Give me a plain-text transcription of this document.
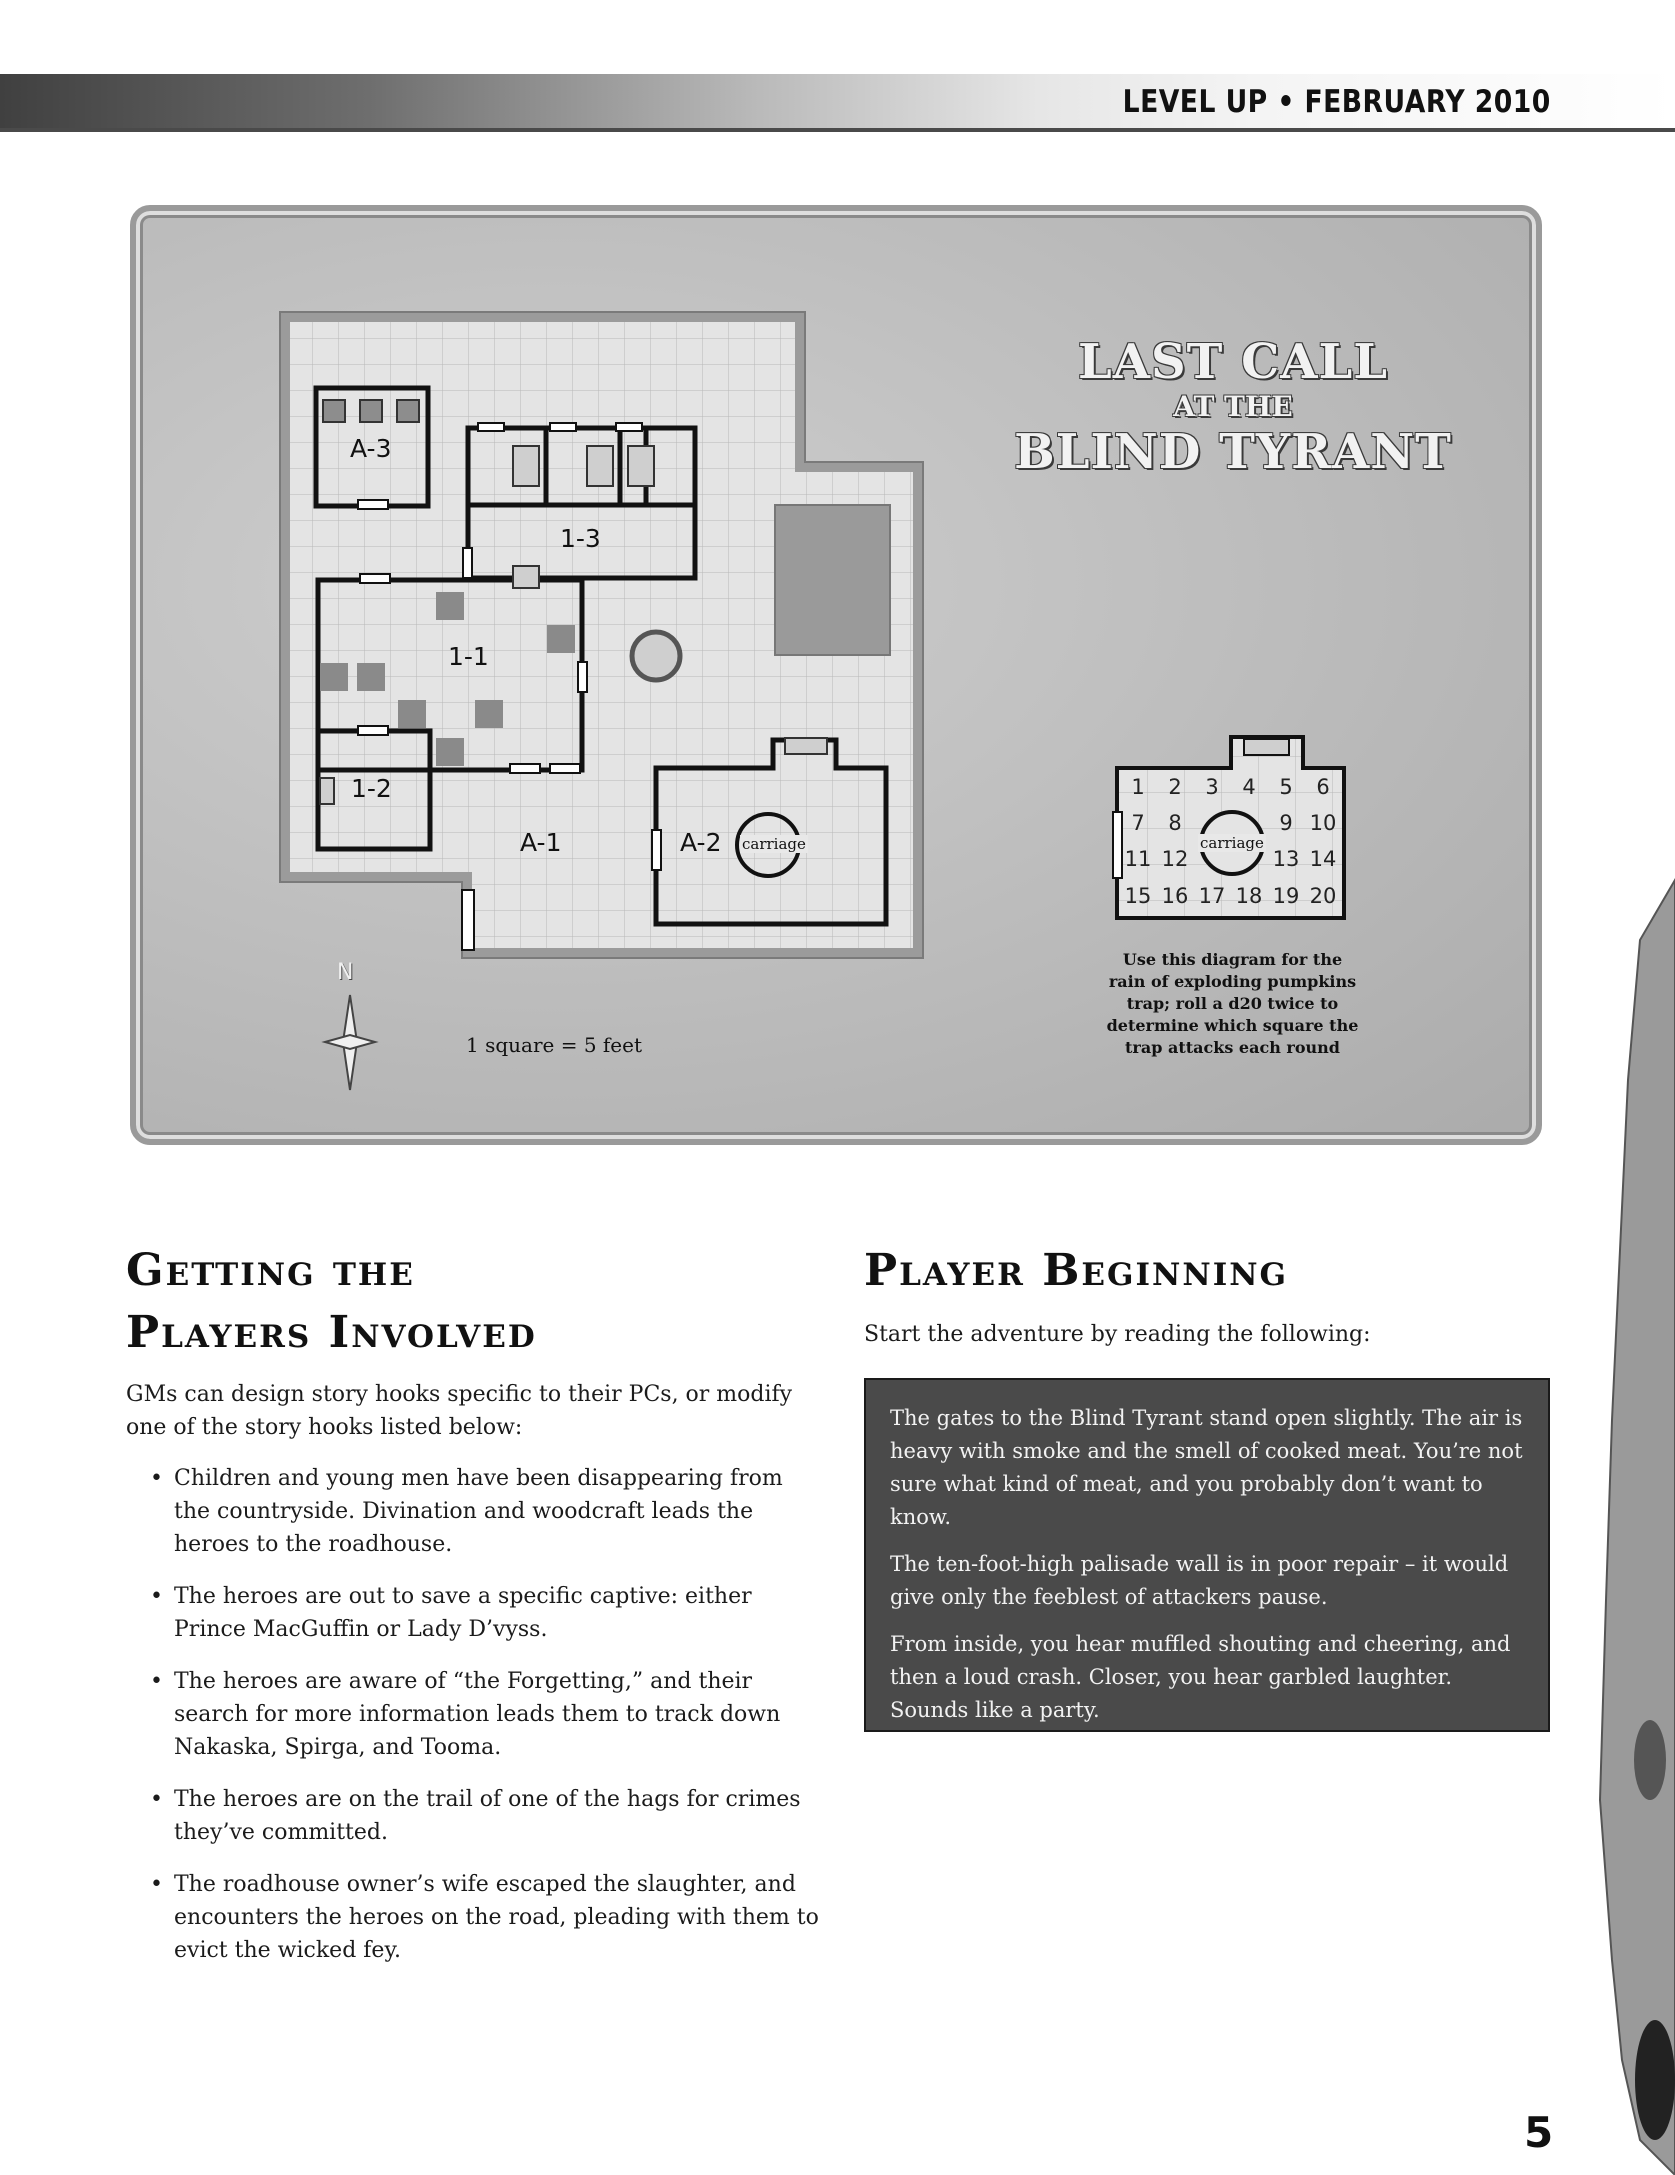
LEVEL UP • FEBRUARY 2010
LAST CALL
AT THE
BLIND TYRANT
A-3
1-3
1-1
1-2
A-1	A-2 carriage	carriage
N
1 square = 5 feet
Use this diagram for the rain of exploding pumpkins trap; roll a d20 twice to determine which square the trap attacks each round
1	2	3	4	5	6
7	8	9 10
11 12	13 14
15 16 17 18 19 20
Getting the
Players Involved
GMs can design story hooks specific to their PCs, or modify one of the story hooks listed below:
• Children and young men have been disappearing from the countryside. Divination and woodcraft leads the heroes to the roadhouse.
• The heroes are out to save a specific captive: either Prince MacGuffin or Lady D’vyss.
• The heroes are aware of “the Forgetting,” and their search for more information leads them to track down Nakaska, Spirga, and Tooma.
• The heroes are on the trail of one of the hags for crimes they’ve committed.
• The roadhouse owner’s wife escaped the slaughter, and encounters the heroes on the road, pleading with them to evict the wicked fey.
Player Beginning
Start the adventure by reading the following:

The gates to the Blind Tyrant stand open slightly. The air is heavy with smoke and the smell of cooked meat. You’re not sure what kind of meat, and you probably don’t want to know.

The ten-foot-high palisade wall is in poor repair – it would give only the feeblest of attackers pause.

From inside, you hear muffled shouting and cheering, and then a loud crash. Closer, you hear garbled laughter. Sounds like a party.

5
